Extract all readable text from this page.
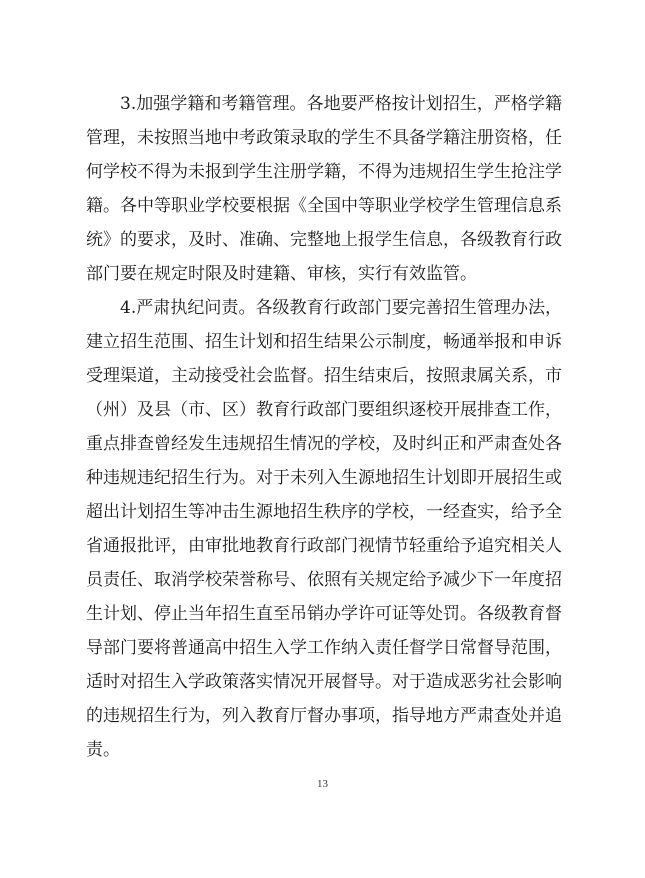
3.加强学籍和考籍管理。各地要严格按计划招生，严格学籍
管理，未按照当地中考政策录取的学生不具备学籍注册资格，任
何学校不得为未报到学生注册学籍，不得为违规招生学生抢注学
籍。各中等职业学校要根据《全国中等职业学校学生管理信息系
统》的要求，及时、准确、完整地上报学生信息，各级教育行政
部门要在规定时限及时建籍、审核，实行有效监管。
4.严肃执纪问责。各级教育行政部门要完善招生管理办法，
建立招生范围、招生计划和招生结果公示制度，畅通举报和申诉
受理渠道，主动接受社会监督。招生结束后，按照隶属关系，市
（州）及县（市、区）教育行政部门要组织逐校开展排查工作，
重点排查曾经发生违规招生情况的学校，及时纠正和严肃查处各
种违规违纪招生行为。对于未列入生源地招生计划即开展招生或
超出计划招生等冲击生源地招生秩序的学校，一经查实，给予全
省通报批评，由审批地教育行政部门视情节轻重给予追究相关人
员责任、取消学校荣誉称号、依照有关规定给予减少下一年度招
生计划、停止当年招生直至吊销办学许可证等处罚。各级教育督
导部门要将普通高中招生入学工作纳入责任督学日常督导范围，
适时对招生入学政策落实情况开展督导。对于造成恶劣社会影响
的违规招生行为，列入教育厅督办事项，指导地方严肃查处并追
责。
13
